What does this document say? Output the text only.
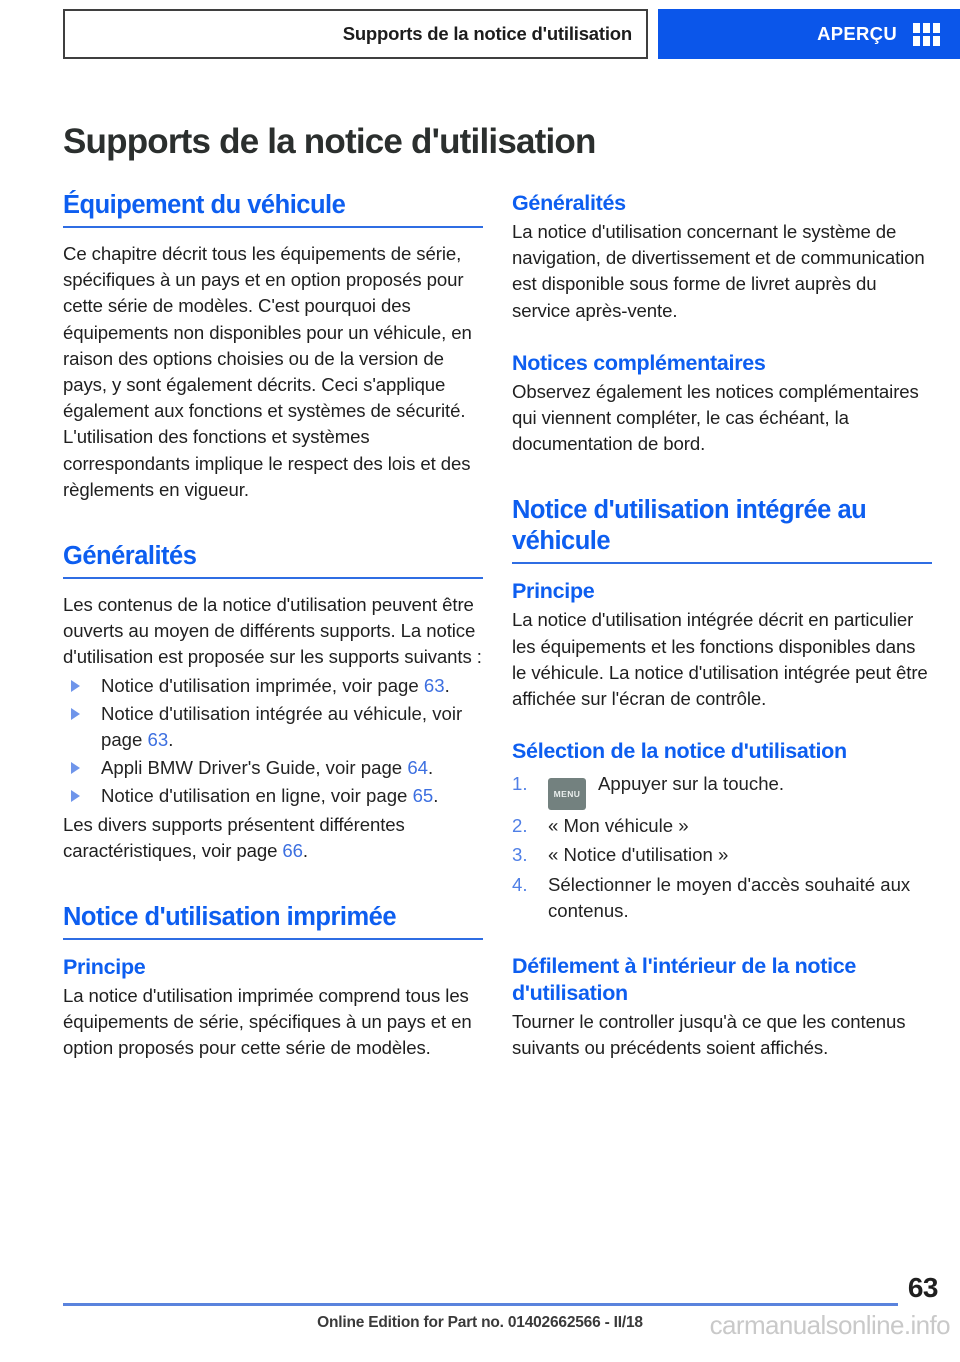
Supports de la notice d'utilisation	APERÇU
Supports de la notice d'utilisation
Équipement du véhicule

Ce chapitre décrit tous les équipements de série, spécifiques à un pays et en option proposés pour cette série de modèles. C'est pourquoi des équipements non disponibles pour un véhicule, en raison des options choisies ou de la version de pays, y sont également décrits. Ceci s'applique également aux fonctions et systèmes de sécurité. L'utilisation des fonctions et systèmes correspondants implique le respect des lois et des règlements en vigueur.

Généralités

Les contenus de la notice d'utilisation peuvent être ouverts au moyen de différents supports. La notice d'utilisation est proposée sur les supports suivants :

Notice d'utilisation imprimée, voir page 63.
Notice d'utilisation intégrée au véhicule, voir page 63.
Appli BMW Driver's Guide, voir page 64.
Notice d'utilisation en ligne, voir page 65.

Les divers supports présentent différentes caractéristiques, voir page 66.

Notice d'utilisation imprimée
Principe

La notice d'utilisation imprimée comprend tous les équipements de série, spécifiques à un pays et en option proposés pour cette série de modèles.

Généralités

La notice d'utilisation concernant le système de navigation, de divertissement et de communication est disponible sous forme de livret auprès du service après-vente.

Notices complémentaires

Observez également les notices complémentaires qui viennent compléter, le cas échéant, la documentation de bord.

Notice d'utilisation intégrée au véhicule
Principe

La notice d'utilisation intégrée décrit en particulier les équipements et les fonctions disponibles dans le véhicule. La notice d'utilisation intégrée peut être affichée sur l'écran de contrôle.

Sélection de la notice d'utilisation
MENU Appuyer sur la touche.
« Mon véhicule »
« Notice d'utilisation »
Sélectionner le moyen d'accès souhaité aux contenus.
Défilement à l'intérieur de la notice d'utilisation

Tourner le controller jusqu'à ce que les contenus suivants ou précédents soient affichés.

63
Online Edition for Part no. 01402662566 - II/18	carmanualsonline.info
